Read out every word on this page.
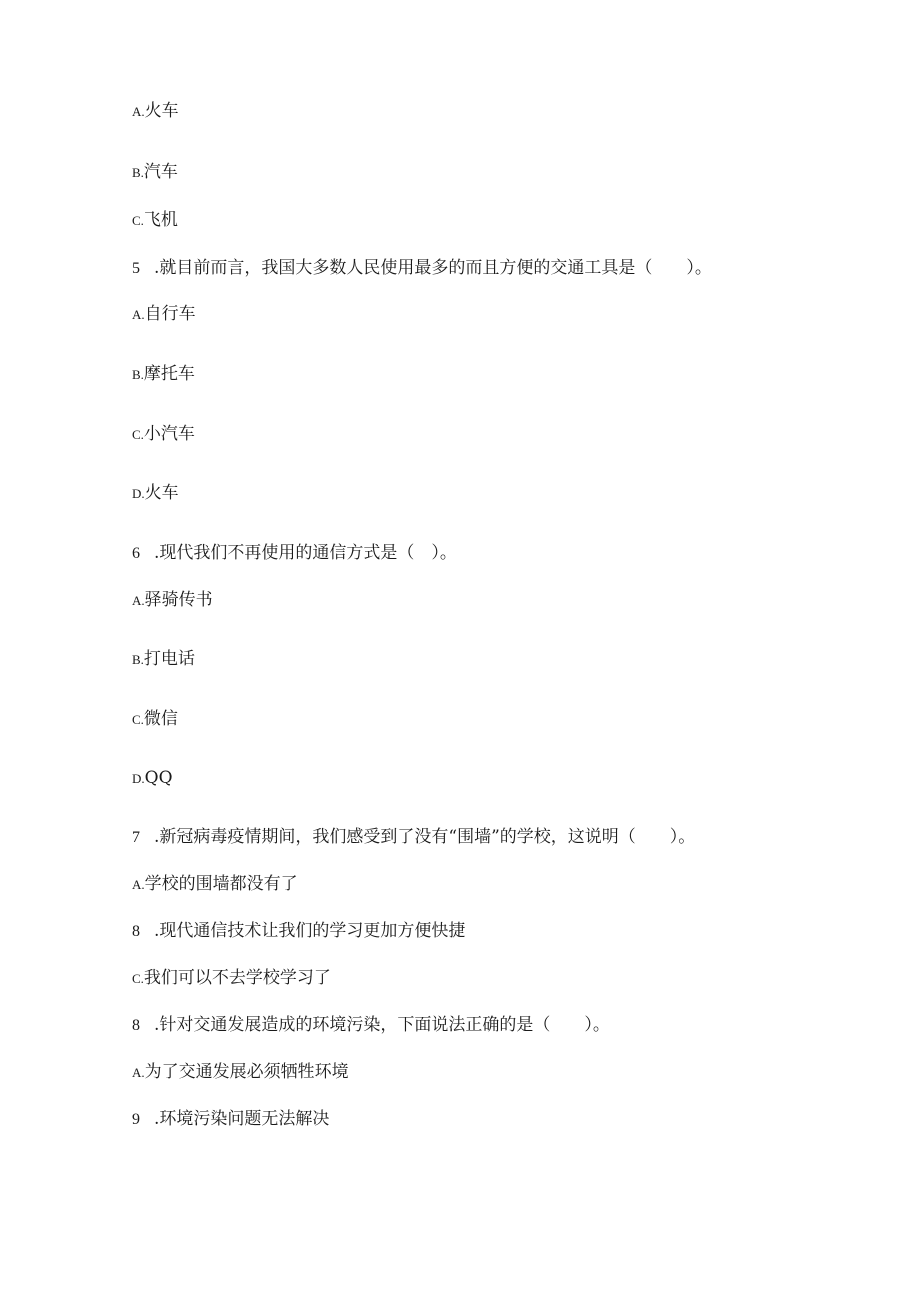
A.火车
B.汽车
C.飞机
5 .就目前而言，我国大多数人民使用最多的而且方便的交通工具是（　　）。
A.自行车
B.摩托车
C.小汽车
D.火车
6 .现代我们不再使用的通信方式是（　）。
A.驿骑传书
B.打电话
C.微信
D.QQ
7 .新冠病毒疫情期间，我们感受到了没有“围墙”的学校，这说明（　　）。
A.学校的围墙都没有了
8 .现代通信技术让我们的学习更加方便快捷
C.我们可以不去学校学习了
8 .针对交通发展造成的环境污染，下面说法正确的是（　　）。
A.为了交通发展必须牺牲环境
9 .环境污染问题无法解决
